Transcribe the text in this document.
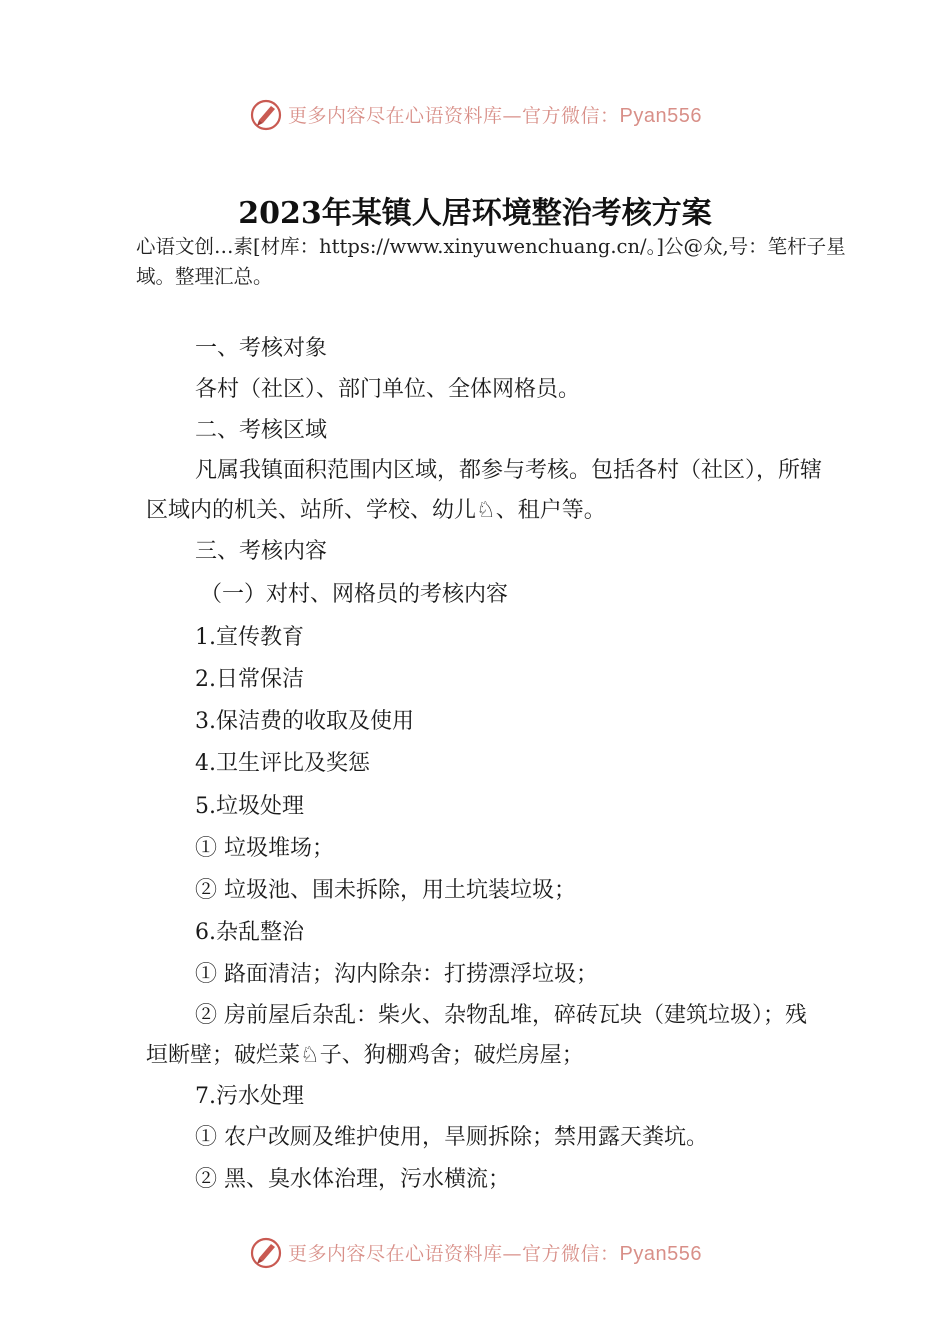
更多内容尽在心语资料库—官方微信：Pyan556
2023年某镇人居环境整治考核方案

心语文创…素[材库：https://www.xinyuwenchuang.cn/。]公@众,号：笔杆子星域。整理汇总。

一、考核对象

各村（社区）、部门单位、全体网格员。

二、考核区域

凡属我镇面积范围内区域，都参与考核。包括各村（社区），所辖区域内的机关、站所、学校、幼儿♘、租户等。

三、考核内容

（一）对村、网格员的考核内容

1.宣传教育

2.日常保洁

3.保洁费的收取及使用

4.卫生评比及奖惩

5.垃圾处理

① 垃圾堆场；

② 垃圾池、围未拆除，用土坑装垃圾；

6.杂乱整治

① 路面清洁；沟内除杂：打捞漂浮垃圾；

② 房前屋后杂乱：柴火、杂物乱堆，碎砖瓦块（建筑垃圾）；残垣断壁；破烂菜♘子、狗棚鸡舍；破烂房屋；

7.污水处理

① 农户改厕及维护使用，旱厕拆除；禁用露天粪坑。

② 黑、臭水体治理，污水横流；

更多内容尽在心语资料库—官方微信：Pyan556
